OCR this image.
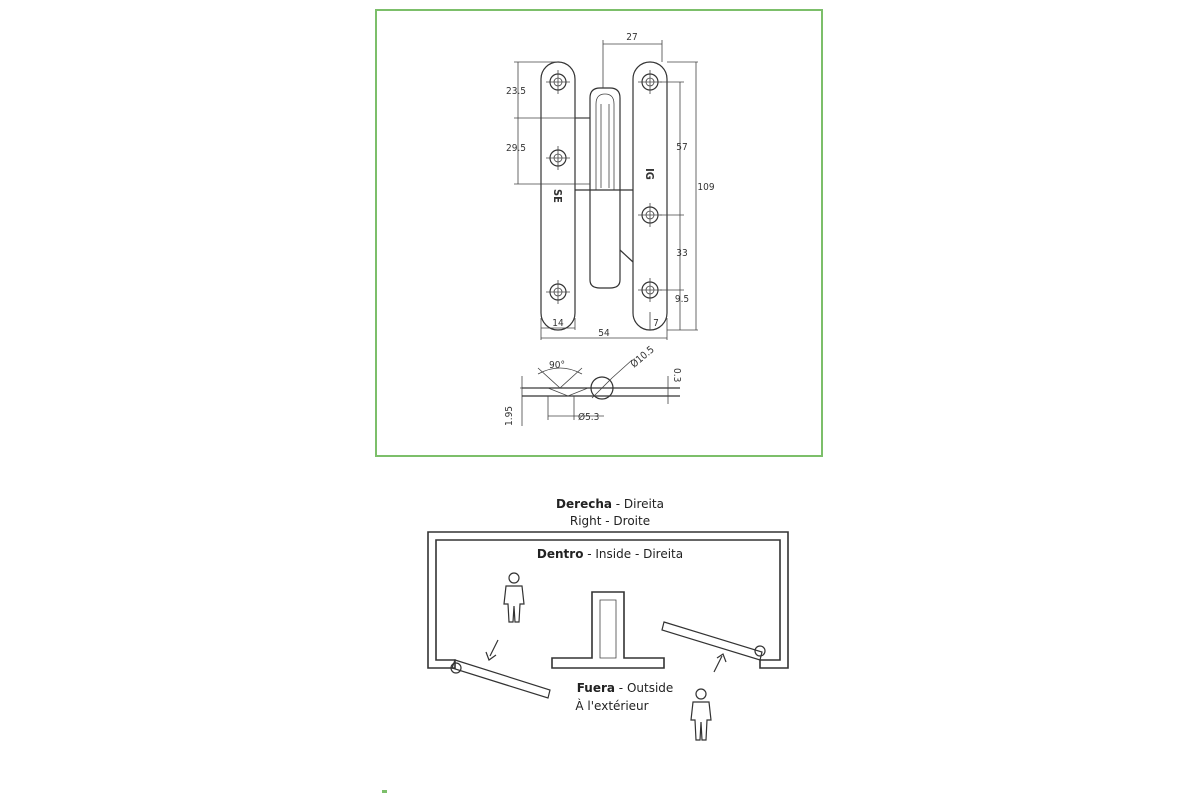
SE
IG
27
23.5
29.5	57
109
33
9.5
14	7
54
90°	Ø10.5
0.3
1.95	Ø5.3
Derecha - Direita
Right - Droite
Dentro - Inside - Direita
Fuera - Outside
À l'extérieur
